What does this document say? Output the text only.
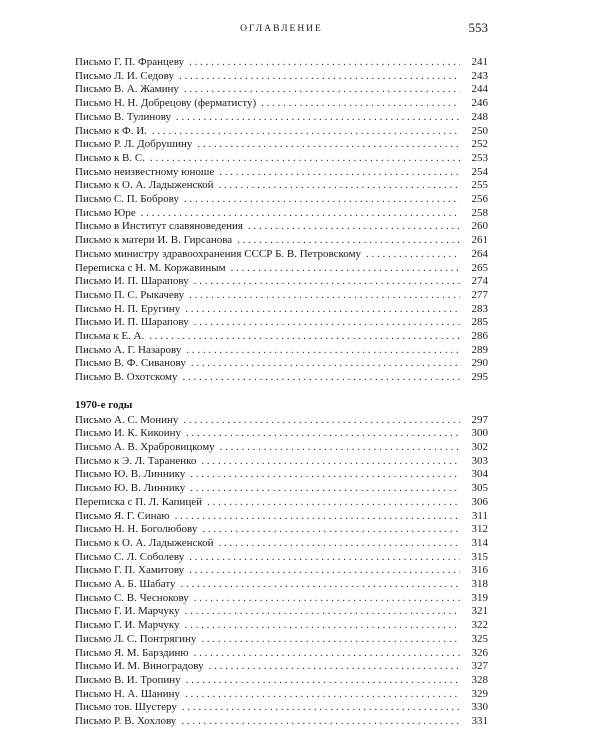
ОГЛАВЛЕНИЕ	553
Письмо Г. П. Францеву . . .	241
Письмо Л. И. Седову . . .	243
Письмо В. А. Жамину . . .	244
Письмо Н. Н. Добрецову (ферматисту) . . .	246
Письмо В. Тулинову . . .	248
Письмо к Ф. И. . . .	250
Письмо Р. Л. Добрушину . . .	252
Письмо к В. С. . . .	253
Письмо неизвестному юноше . . .	254
Письмо к О. А. Ладыженской . . .	255
Письмо С. П. Боброву . . .	256
Письмо Юре . . .	258
Письмо в Институт славяноведения . . .	260
Письмо к матери И. В. Гирсанова . . .	261
Письмо министру здравоохранения СССР Б. В. Петровскому . . .	264
Переписка с Н. М. Коржавиным . . .	265
Письмо И. П. Шарапову . . .	274
Письмо П. С. Рыкачеву . . .	277
Письмо Н. П. Еругину . . .	283
Письмо И. П. Шарапову . . .	285
Письма к Е. А. . . .	286
Письмо А. Г. Назарову . . .	289
Письмо В. Ф. Сиванову . . .	290
Письмо В. Охотскому . . .	295
1970-е годы
Письмо А. С. Монину . . .	297
Письмо И. К. Кикоину . . .	300
Письмо А. В. Храбровицкому . . .	302
Письмо к Э. Л. Тараненко . . .	303
Письмо Ю. В. Линнику . . .	304
Письмо Ю. В. Линнику . . .	305
Переписка с П. Л. Капицей . . .	306
Письмо Я. Г. Синаю . . .	311
Письмо Н. Н. Боголюбову . . .	312
Письмо к О. А. Ладыженской . . .	314
Письмо С. Л. Соболеву . . .	315
Письмо Г. П. Хамитову . . .	316
Письмо А. Б. Шабату . . .	318
Письмо С. В. Чеснокову . . .	319
Письмо Г. И. Марчуку . . .	321
Письмо Г. И. Марчуку . . .	322
Письмо Л. С. Понтрягину . . .	325
Письмо Я. М. Барздиню . . .	326
Письмо И. М. Виноградову . . .	327
Письмо В. И. Тропину . . .	328
Письмо Н. А. Шанину . . .	329
Письмо тов. Шустеру . . .	330
Письмо Р. В. Хохлову . . .	331
